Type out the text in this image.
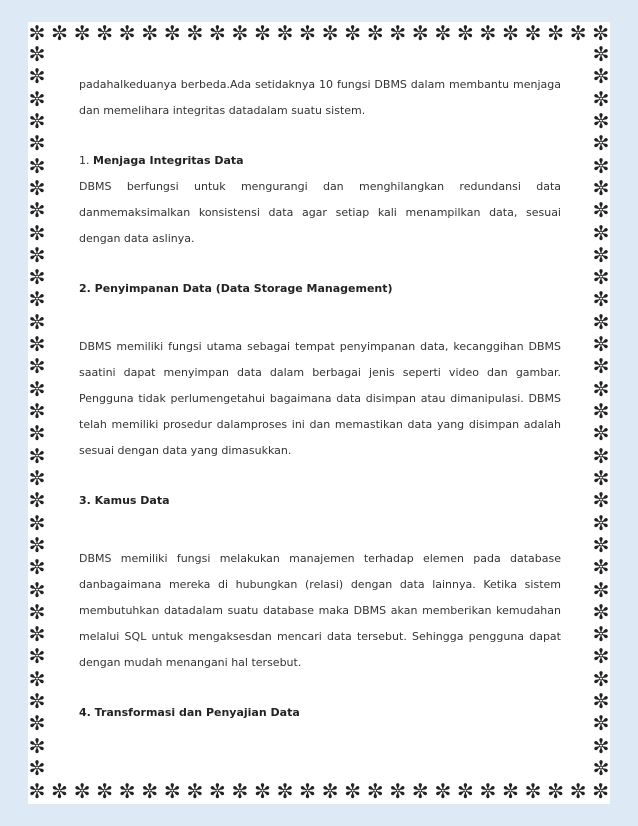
✼ ✼ ✼ ✼ ✼ ✼ ✼ ✼ ✼ ✼ ✼ ✼ ✼ ✼ ✼ ✼ ✼ ✼ ✼ ✼ ✼ ✼ ✼ ✼ ✼ ✼
✼ ✼ ✼ ✼ ✼ ✼ ✼ ✼ ✼ ✼ ✼ ✼ ✼ ✼ ✼ ✼ ✼ ✼ ✼ ✼ ✼ ✼ ✼ ✼ ✼ ✼
✼
✼
✼
✼
✼
✼
✼
✼
✼
✼
✼
✼
✼
✼
✼
✼
✼
✼
✼
✼
✼
✼
✼
✼
✼
✼
✼
✼
✼
✼
✼
✼
✼
✼
✼
✼
✼
✼
✼
✼
✼
✼
✼
✼
✼
✼
✼
✼
✼
✼
✼
✼
✼
✼
✼
✼
✼
✼
✼
✼
✼
✼
✼
✼
✼
✼

padahalkeduanya berbeda.Ada setidaknya 10 fungsi DBMS dalam membantu menjaga dan memelihara integritas datadalam suatu sistem.

1. Menjaga Integritas Data

DBMS berfungsi untuk mengurangi dan menghilangkan redundansi data danmemaksimalkan konsistensi data agar setiap kali menampilkan data, sesuai dengan data aslinya.

2. Penyimpanan Data (Data Storage Management)

DBMS memiliki fungsi utama sebagai tempat penyimpanan data, kecanggihan DBMS saatini dapat menyimpan data dalam berbagai jenis seperti video dan gambar. Pengguna tidak perlumengetahui bagaimana data disimpan atau dimanipulasi. DBMS telah memiliki prosedur dalamproses ini dan memastikan data yang disimpan adalah sesuai dengan data yang dimasukkan.

3. Kamus Data

DBMS memiliki fungsi melakukan manajemen terhadap elemen pada database danbagaimana mereka di hubungkan (relasi) dengan data lainnya. Ketika sistem membutuhkan datadalam suatu database maka DBMS akan memberikan kemudahan melalui SQL untuk mengaksesdan mencari data tersebut. Sehingga pengguna dapat dengan mudah menangani hal tersebut.

4. Transformasi dan Penyajian Data
